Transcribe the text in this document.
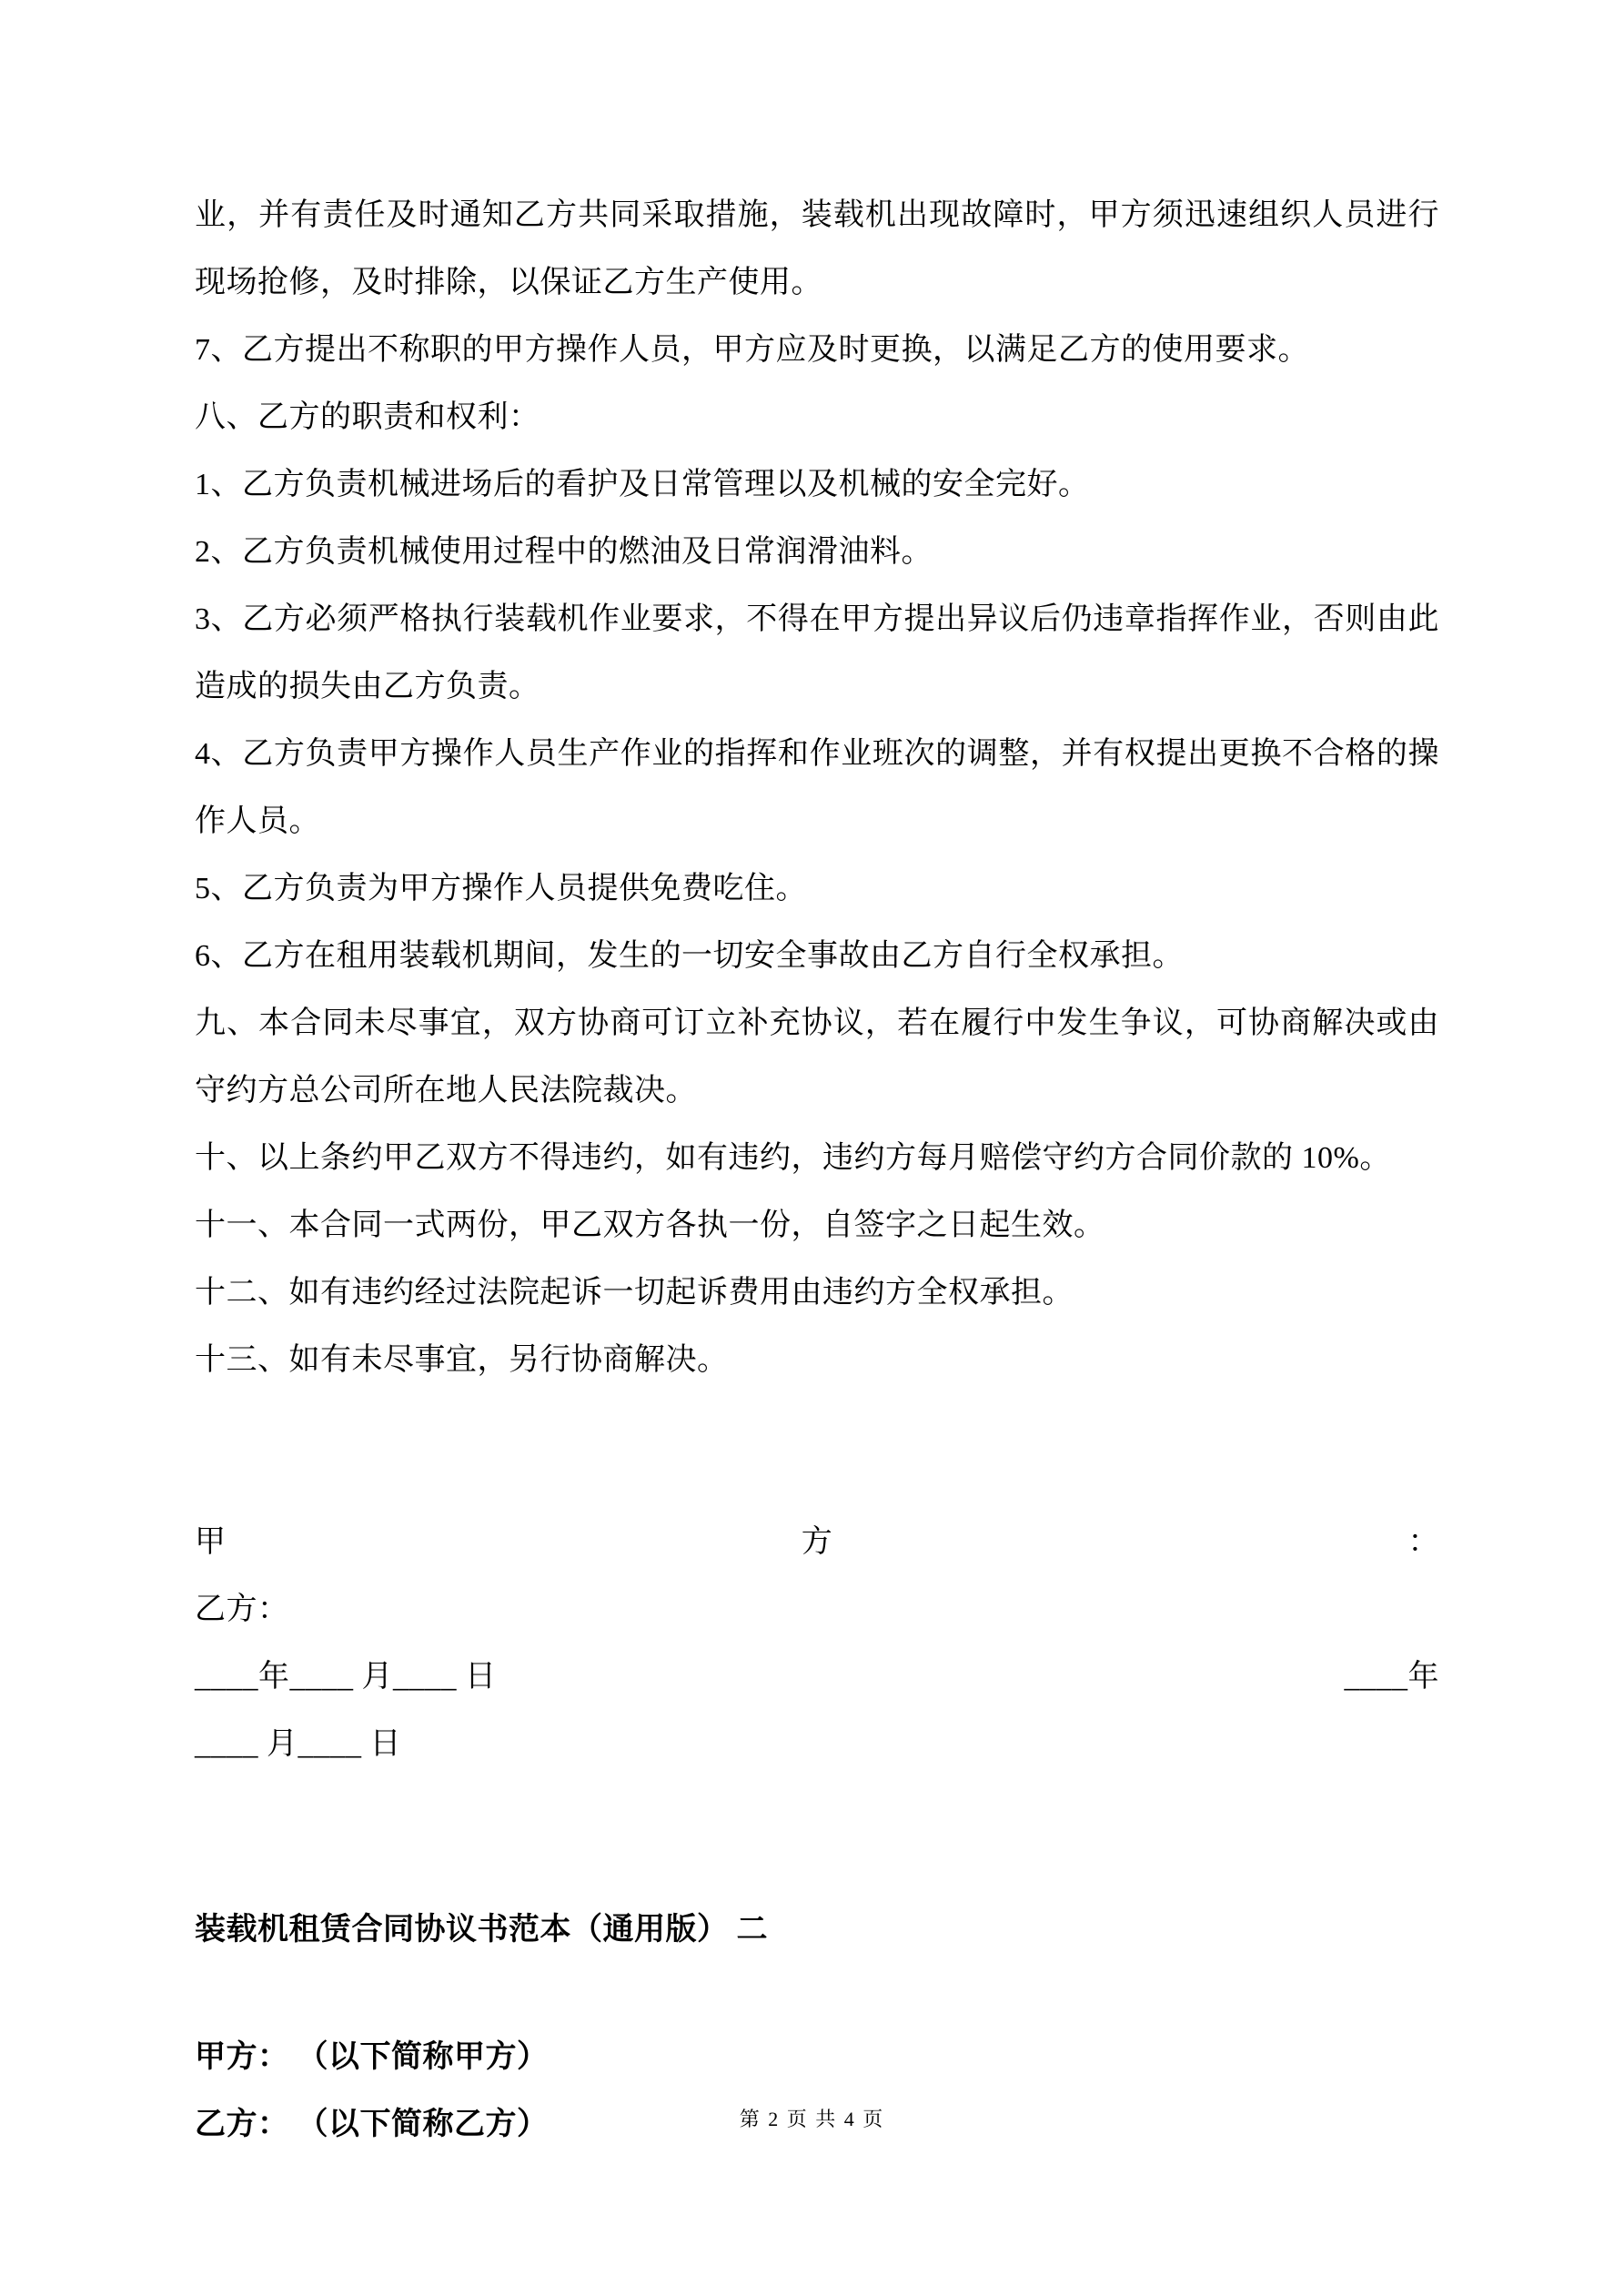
业，并有责任及时通知乙方共同采取措施，装载机出现故障时，甲方须迅速组织人员进行现场抢修，及时排除，以保证乙方生产使用。

7、乙方提出不称职的甲方操作人员，甲方应及时更换，以满足乙方的使用要求。

八、乙方的职责和权利：

1、乙方负责机械进场后的看护及日常管理以及机械的安全完好。

2、乙方负责机械使用过程中的燃油及日常润滑油料。

3、乙方必须严格执行装载机作业要求，不得在甲方提出异议后仍违章指挥作业，否则由此造成的损失由乙方负责。

4、乙方负责甲方操作人员生产作业的指挥和作业班次的调整，并有权提出更换不合格的操作人员。

5、乙方负责为甲方操作人员提供免费吃住。

6、乙方在租用装载机期间，发生的一切安全事故由乙方自行全权承担。

九、本合同未尽事宜，双方协商可订立补充协议，若在履行中发生争议，可协商解决或由守约方总公司所在地人民法院裁决。

十、以上条约甲乙双方不得违约，如有违约，违约方每月赔偿守约方合同价款的 10%。

十一、本合同一式两份，甲乙双方各执一份，自签字之日起生效。

十二、如有违约经过法院起诉一切起诉费用由违约方全权承担。

十三、如有未尽事宜，另行协商解决。

甲	方	：

乙方：

____年____ 月____ 日	____年

____ 月____ 日

装载机租赁合同协议书范本（通用版） 二

甲方： （以下简称甲方）

乙方： （以下简称乙方）	第 2 页 共 4 页
